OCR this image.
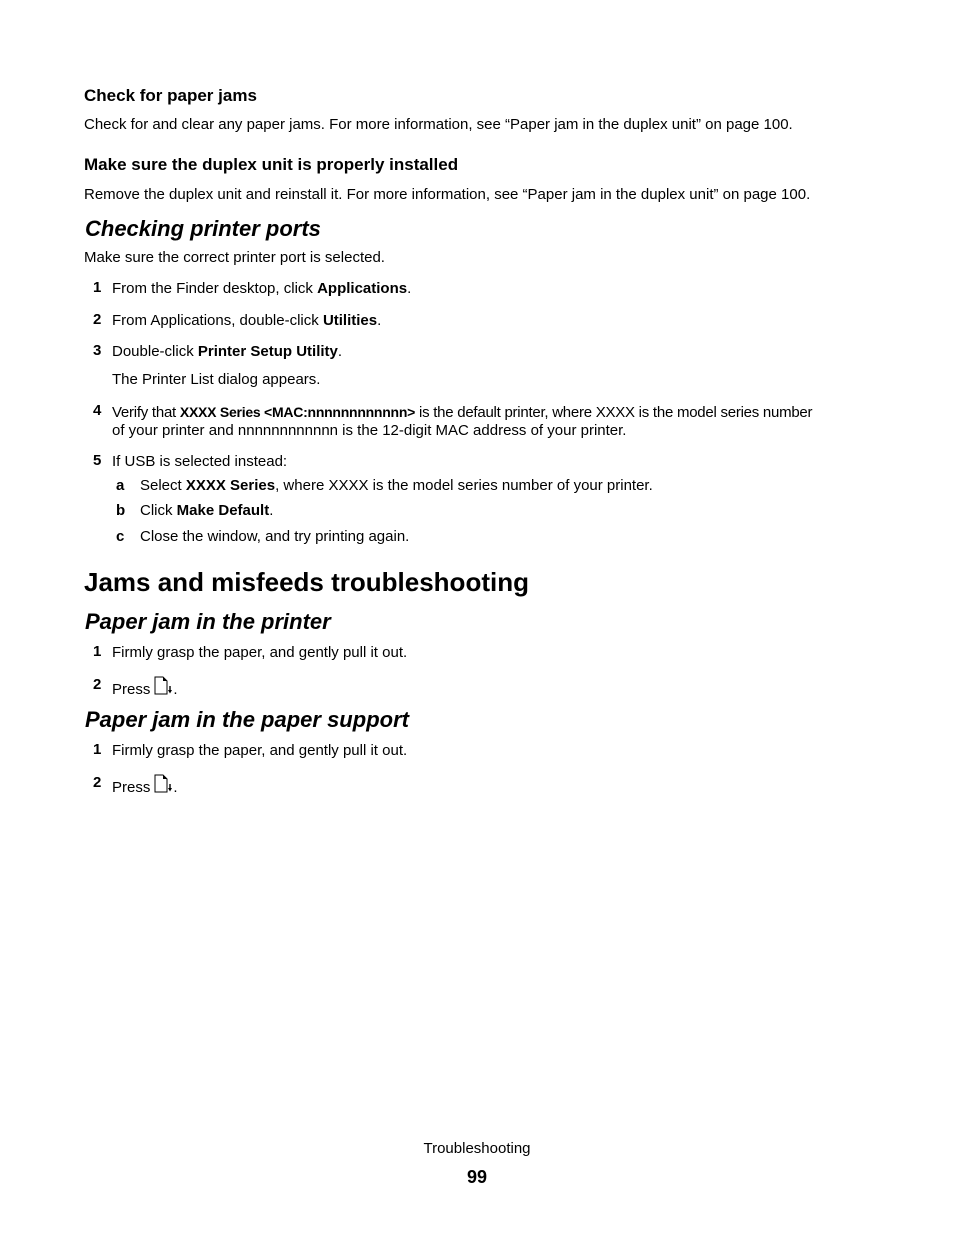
Check for paper jams
Check for and clear any paper jams. For more information, see “Paper jam in the duplex unit” on page 100.
Make sure the duplex unit is properly installed
Remove the duplex unit and reinstall it. For more information, see “Paper jam in the duplex unit” on page 100.
Checking printer ports
Make sure the correct printer port is selected.
1 From the Finder desktop, click Applications.
2 From Applications, double-click Utilities.
3 Double-click Printer Setup Utility.
The Printer List dialog appears.
4 Verify that XXXX Series <MAC:nnnnnnnnnnnn> is the default printer, where XXXX is the model series number
of your printer and nnnnnnnnnnnn is the 12-digit MAC address of your printer.
5 If USB is selected instead:
a Select XXXX Series, where XXXX is the model series number of your printer.
b Click Make Default.
c Close the window, and try printing again.
Jams and misfeeds troubleshooting
Paper jam in the printer
1 Firmly grasp the paper, and gently pull it out.
2 Press .
Paper jam in the paper support
1 Firmly grasp the paper, and gently pull it out.
2 Press .
Troubleshooting
99
